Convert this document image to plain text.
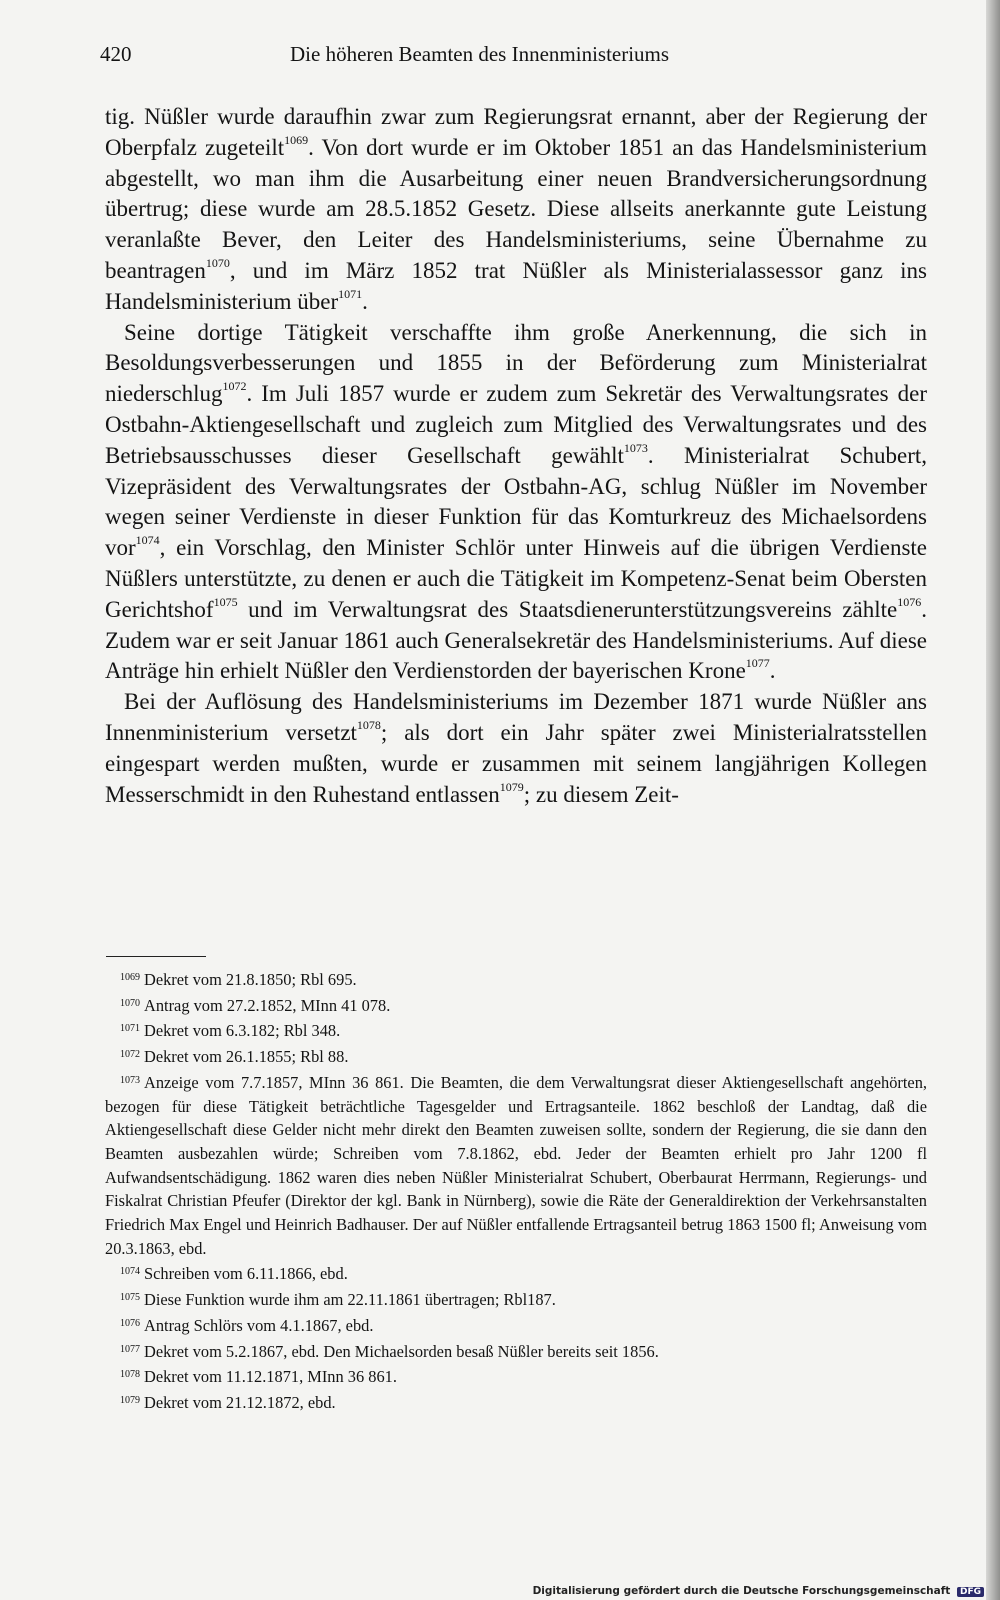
420	Die höheren Beamten des Innenministeriums

tig. Nüßler wurde daraufhin zwar zum Regierungsrat ernannt, aber der Regierung der Oberpfalz zugeteilt$^{1069}$. Von dort wurde er im Oktober 1851 an das Handelsministerium abgestellt, wo man ihm die Ausarbeitung einer neuen Brandversicherungsordnung übertrug; diese wurde am 28.5.1852 Gesetz. Diese allseits anerkannte gute Leistung veranlaßte Bever, den Leiter des Handelsministeriums, seine Übernahme zu beantragen$^{1070}$, und im März 1852 trat Nüßler als Ministerialassessor ganz ins Handelsministerium über$^{1071}$.

Seine dortige Tätigkeit verschaffte ihm große Anerkennung, die sich in Besoldungsverbesserungen und 1855 in der Beförderung zum Ministerialrat niederschlug$^{1072}$. Im Juli 1857 wurde er zudem zum Sekretär des Verwaltungsrates der Ostbahn-Aktiengesellschaft und zugleich zum Mitglied des Verwaltungsrates und des Betriebsausschusses dieser Gesellschaft gewählt$^{1073}$. Ministerialrat Schubert, Vizepräsident des Verwaltungsrates der Ostbahn-AG, schlug Nüßler im November wegen seiner Verdienste in dieser Funktion für das Komturkreuz des Michaelsordens vor$^{1074}$, ein Vorschlag, den Minister Schlör unter Hinweis auf die übrigen Verdienste Nüßlers unterstützte, zu denen er auch die Tätigkeit im Kompetenz-Senat beim Obersten Gerichtshof$^{1075}$ und im Verwaltungsrat des Staatsdienerunterstützungsvereins zählte$^{1076}$. Zudem war er seit Januar 1861 auch Generalsekretär des Handelsministeriums. Auf diese Anträge hin erhielt Nüßler den Verdienstorden der bayerischen Krone$^{1077}$.

Bei der Auflösung des Handelsministeriums im Dezember 1871 wurde Nüßler ans Innenministerium versetzt$^{1078}$; als dort ein Jahr später zwei Ministerialratsstellen eingespart werden mußten, wurde er zusammen mit seinem langjährigen Kollegen Messerschmidt in den Ruhestand entlassen$^{1079}$; zu diesem Zeit-

$^{1069}$ Dekret vom 21.8.1850; Rbl 695.

$^{1070}$ Antrag vom 27.2.1852, MInn 41 078.

$^{1071}$ Dekret vom 6.3.182; Rbl 348.

$^{1072}$ Dekret vom 26.1.1855; Rbl 88.

$^{1073}$ Anzeige vom 7.7.1857, MInn 36 861. Die Beamten, die dem Verwaltungsrat dieser Aktiengesellschaft angehörten, bezogen für diese Tätigkeit beträchtliche Tagesgelder und Ertragsanteile. 1862 beschloß der Landtag, daß die Aktiengesellschaft diese Gelder nicht mehr direkt den Beamten zuweisen sollte, sondern der Regierung, die sie dann den Beamten ausbezahlen würde; Schreiben vom 7.8.1862, ebd. Jeder der Beamten erhielt pro Jahr 1200 fl Aufwandsentschädigung. 1862 waren dies neben Nüßler Ministerialrat Schubert, Oberbaurat Herrmann, Regierungs- und Fiskalrat Christian Pfeufer (Direktor der kgl. Bank in Nürnberg), sowie die Räte der Generaldirektion der Verkehrsanstalten Friedrich Max Engel und Heinrich Badhauser. Der auf Nüßler entfallende Ertragsanteil betrug 1863 1500 fl; Anweisung vom 20.3.1863, ebd.

$^{1074}$ Schreiben vom 6.11.1866, ebd.

$^{1075}$ Diese Funktion wurde ihm am 22.11.1861 übertragen; Rbl187.

$^{1076}$ Antrag Schlörs vom 4.1.1867, ebd.

$^{1077}$ Dekret vom 5.2.1867, ebd. Den Michaelsorden besaß Nüßler bereits seit 1856.

$^{1078}$ Dekret vom 11.12.1871, MInn 36 861.

$^{1079}$ Dekret vom 21.12.1872, ebd.

Digitalisierung gefördert durch die Deutsche Forschungsgemeinschaft DFG
